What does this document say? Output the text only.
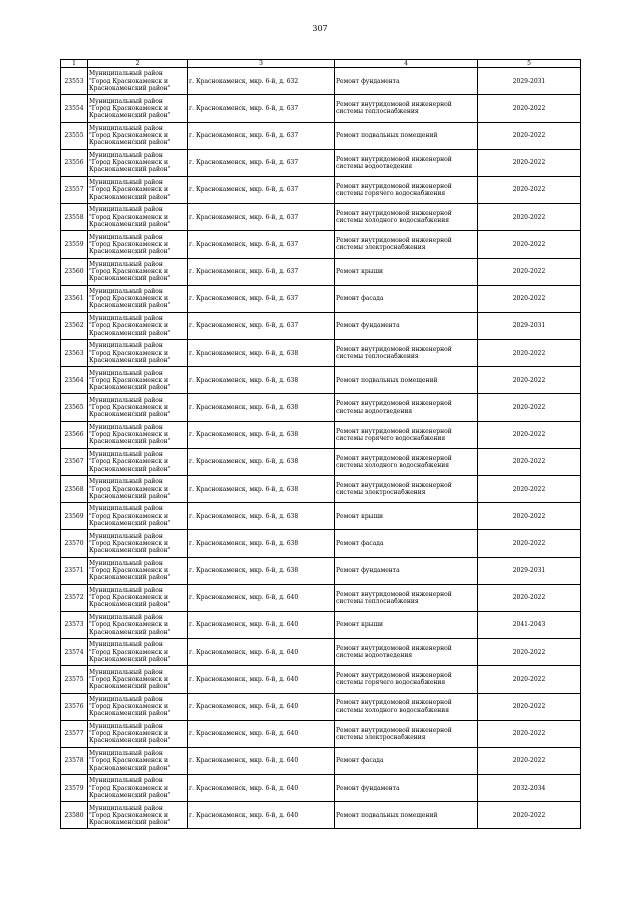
307
1	2	3	4	5
23553	Муниципальный район "Город Краснокаменск и Краснокаменский район"	г. Краснокаменск, мкр. 6-й, д. 632	Ремонт фундамента	2029-2031
23554	Муниципальный район "Город Краснокаменск и Краснокаменский район"	г. Краснокаменск, мкр. 6-й, д. 637	Ремонт внутридомовой инженерной системы теплоснабжения	2020-2022
23555	Муниципальный район "Город Краснокаменск и Краснокаменский район"	г. Краснокаменск, мкр. 6-й, д. 637	Ремонт подвальных помещений	2020-2022
23556	Муниципальный район "Город Краснокаменск и Краснокаменский район"	г. Краснокаменск, мкр. 6-й, д. 637	Ремонт внутридомовой инженерной системы водоотведения	2020-2022
23557	Муниципальный район "Город Краснокаменск и Краснокаменский район"	г. Краснокаменск, мкр. 6-й, д. 637	Ремонт внутридомовой инженерной системы горячего водоснабжения	2020-2022
23558	Муниципальный район "Город Краснокаменск и Краснокаменский район"	г. Краснокаменск, мкр. 6-й, д. 637	Ремонт внутридомовой инженерной системы холодного водоснабжения	2020-2022
23559	Муниципальный район "Город Краснокаменск и Краснокаменский район"	г. Краснокаменск, мкр. 6-й, д. 637	Ремонт внутридомовой инженерной системы электроснабжения	2020-2022
23560	Муниципальный район "Город Краснокаменск и Краснокаменский район"	г. Краснокаменск, мкр. 6-й, д. 637	Ремонт крыши	2020-2022
23561	Муниципальный район "Город Краснокаменск и Краснокаменский район"	г. Краснокаменск, мкр. 6-й, д. 637	Ремонт фасада	2020-2022
23562	Муниципальный район "Город Краснокаменск и Краснокаменский район"	г. Краснокаменск, мкр. 6-й, д. 637	Ремонт фундамента	2029-2031
23563	Муниципальный район "Город Краснокаменск и Краснокаменский район"	г. Краснокаменск, мкр. 6-й, д. 638	Ремонт внутридомовой инженерной системы теплоснабжения	2020-2022
23564	Муниципальный район "Город Краснокаменск и Краснокаменский район"	г. Краснокаменск, мкр. 6-й, д. 638	Ремонт подвальных помещений	2020-2022
23565	Муниципальный район "Город Краснокаменск и Краснокаменский район"	г. Краснокаменск, мкр. 6-й, д. 638	Ремонт внутридомовой инженерной системы водоотведения	2020-2022
23566	Муниципальный район "Город Краснокаменск и Краснокаменский район"	г. Краснокаменск, мкр. 6-й, д. 638	Ремонт внутридомовой инженерной системы горячего водоснабжения	2020-2022
23567	Муниципальный район "Город Краснокаменск и Краснокаменский район"	г. Краснокаменск, мкр. 6-й, д. 638	Ремонт внутридомовой инженерной системы холодного водоснабжения	2020-2022
23568	Муниципальный район "Город Краснокаменск и Краснокаменский район"	г. Краснокаменск, мкр. 6-й, д. 638	Ремонт внутридомовой инженерной системы электроснабжения	2020-2022
23569	Муниципальный район "Город Краснокаменск и Краснокаменский район"	г. Краснокаменск, мкр. 6-й, д. 638	Ремонт крыши	2020-2022
23570	Муниципальный район "Город Краснокаменск и Краснокаменский район"	г. Краснокаменск, мкр. 6-й, д. 638	Ремонт фасада	2020-2022
23571	Муниципальный район "Город Краснокаменск и Краснокаменский район"	г. Краснокаменск, мкр. 6-й, д. 638	Ремонт фундамента	2029-2031
23572	Муниципальный район "Город Краснокаменск и Краснокаменский район"	г. Краснокаменск, мкр. 6-й, д. 640	Ремонт внутридомовой инженерной системы теплоснабжения	2020-2022
23573	Муниципальный район "Город Краснокаменск и Краснокаменский район"	г. Краснокаменск, мкр. 6-й, д. 640	Ремонт крыши	2041-2043
23574	Муниципальный район "Город Краснокаменск и Краснокаменский район"	г. Краснокаменск, мкр. 6-й, д. 640	Ремонт внутридомовой инженерной системы водоотведения	2020-2022
23575	Муниципальный район "Город Краснокаменск и Краснокаменский район"	г. Краснокаменск, мкр. 6-й, д. 640	Ремонт внутридомовой инженерной системы горячего водоснабжения	2020-2022
23576	Муниципальный район "Город Краснокаменск и Краснокаменский район"	г. Краснокаменск, мкр. 6-й, д. 640	Ремонт внутридомовой инженерной системы холодного водоснабжения	2020-2022
23577	Муниципальный район "Город Краснокаменск и Краснокаменский район"	г. Краснокаменск, мкр. 6-й, д. 640	Ремонт внутридомовой инженерной системы электроснабжения	2020-2022
23578	Муниципальный район "Город Краснокаменск и Краснокаменский район"	г. Краснокаменск, мкр. 6-й, д. 640	Ремонт фасада	2020-2022
23579	Муниципальный район "Город Краснокаменск и Краснокаменский район"	г. Краснокаменск, мкр. 6-й, д. 640	Ремонт фундамента	2032-2034
23580	Муниципальный район "Город Краснокаменск и Краснокаменский район"	г. Краснокаменск, мкр. 6-й, д. 640	Ремонт подвальных помещений	2020-2022
